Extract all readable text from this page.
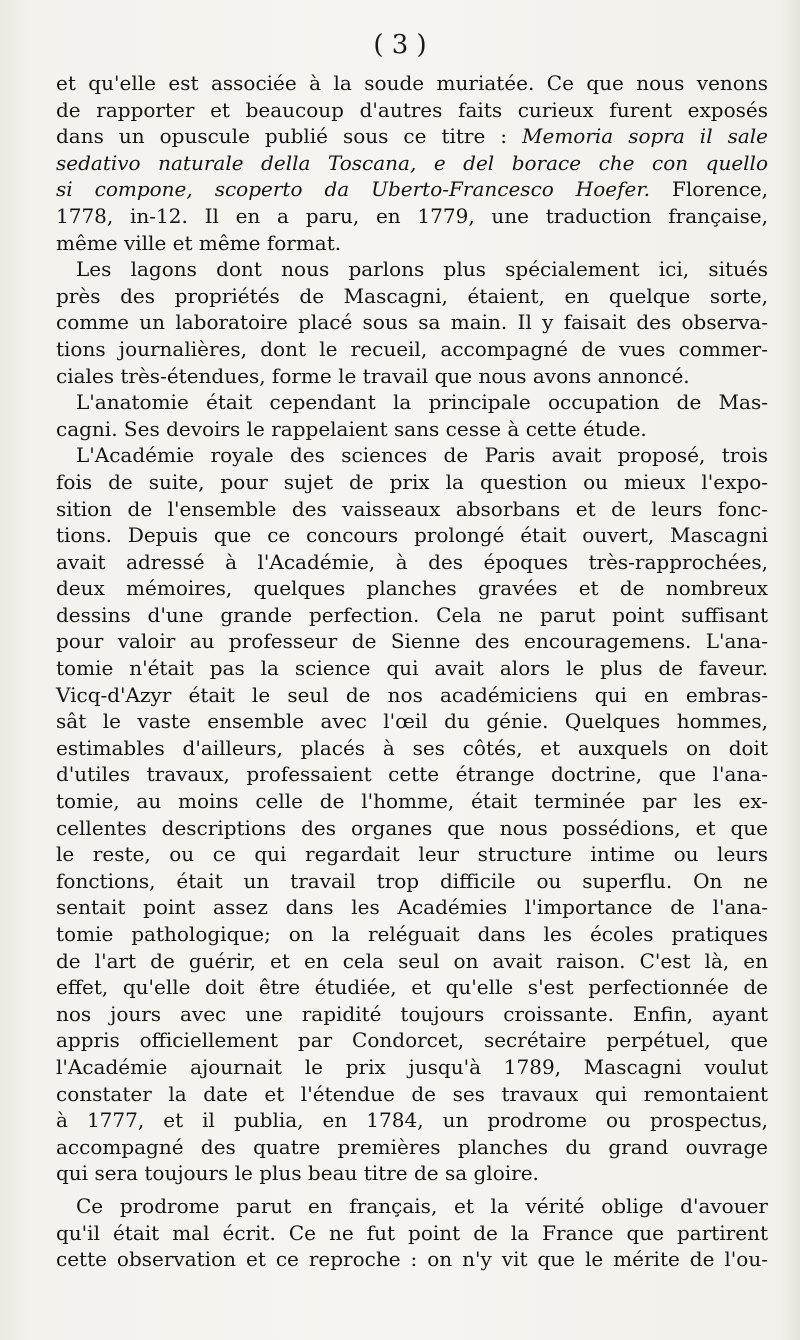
( 3 )
et qu'elle est associée à la soude muriatée. Ce que nous venons
de rapporter et beaucoup d'autres faits curieux furent exposés
dans un opuscule publié sous ce titre : Memoria sopra il sale
sedativo naturale della Toscana, e del borace che con quello
si compone, scoperto da Uberto-Francesco Hoefer. Florence,
1778, in-12. Il en a paru, en 1779, une traduction française,
même ville et même format.
Les lagons dont nous parlons plus spécialement ici, situés
près des propriétés de Mascagni, étaient, en quelque sorte,
comme un laboratoire placé sous sa main. Il y faisait des observa-
tions journalières, dont le recueil, accompagné de vues commer-
ciales très-étendues, forme le travail que nous avons annoncé.
L'anatomie était cependant la principale occupation de Mas-
cagni. Ses devoirs le rappelaient sans cesse à cette étude.
L'Académie royale des sciences de Paris avait proposé, trois
fois de suite, pour sujet de prix la question ou mieux l'expo-
sition de l'ensemble des vaisseaux absorbans et de leurs fonc-
tions. Depuis que ce concours prolongé était ouvert, Mascagni
avait adressé à l'Académie, à des époques très-rapprochées,
deux mémoires, quelques planches gravées et de nombreux
dessins d'une grande perfection. Cela ne parut point suffisant
pour valoir au professeur de Sienne des encouragemens. L'ana-
tomie n'était pas la science qui avait alors le plus de faveur.
Vicq-d'Azyr était le seul de nos académiciens qui en embras-
sât le vaste ensemble avec l'œil du génie. Quelques hommes,
estimables d'ailleurs, placés à ses côtés, et auxquels on doit
d'utiles travaux, professaient cette étrange doctrine, que l'ana-
tomie, au moins celle de l'homme, était terminée par les ex-
cellentes descriptions des organes que nous possédions, et que
le reste, ou ce qui regardait leur structure intime ou leurs
fonctions, était un travail trop difficile ou superflu. On ne
sentait point assez dans les Académies l'importance de l'ana-
tomie pathologique; on la reléguait dans les écoles pratiques
de l'art de guérir, et en cela seul on avait raison. C'est là, en
effet, qu'elle doit être étudiée, et qu'elle s'est perfectionnée de
nos jours avec une rapidité toujours croissante. Enfin, ayant
appris officiellement par Condorcet, secrétaire perpétuel, que
l'Académie ajournait le prix jusqu'à 1789, Mascagni voulut
constater la date et l'étendue de ses travaux qui remontaient
à 1777, et il publia, en 1784, un prodrome ou prospectus,
accompagné des quatre premières planches du grand ouvrage
qui sera toujours le plus beau titre de sa gloire.
Ce prodrome parut en français, et la vérité oblige d'avouer
qu'il était mal écrit. Ce ne fut point de la France que partirent
cette observation et ce reproche : on n'y vit que le mérite de l'ou-
